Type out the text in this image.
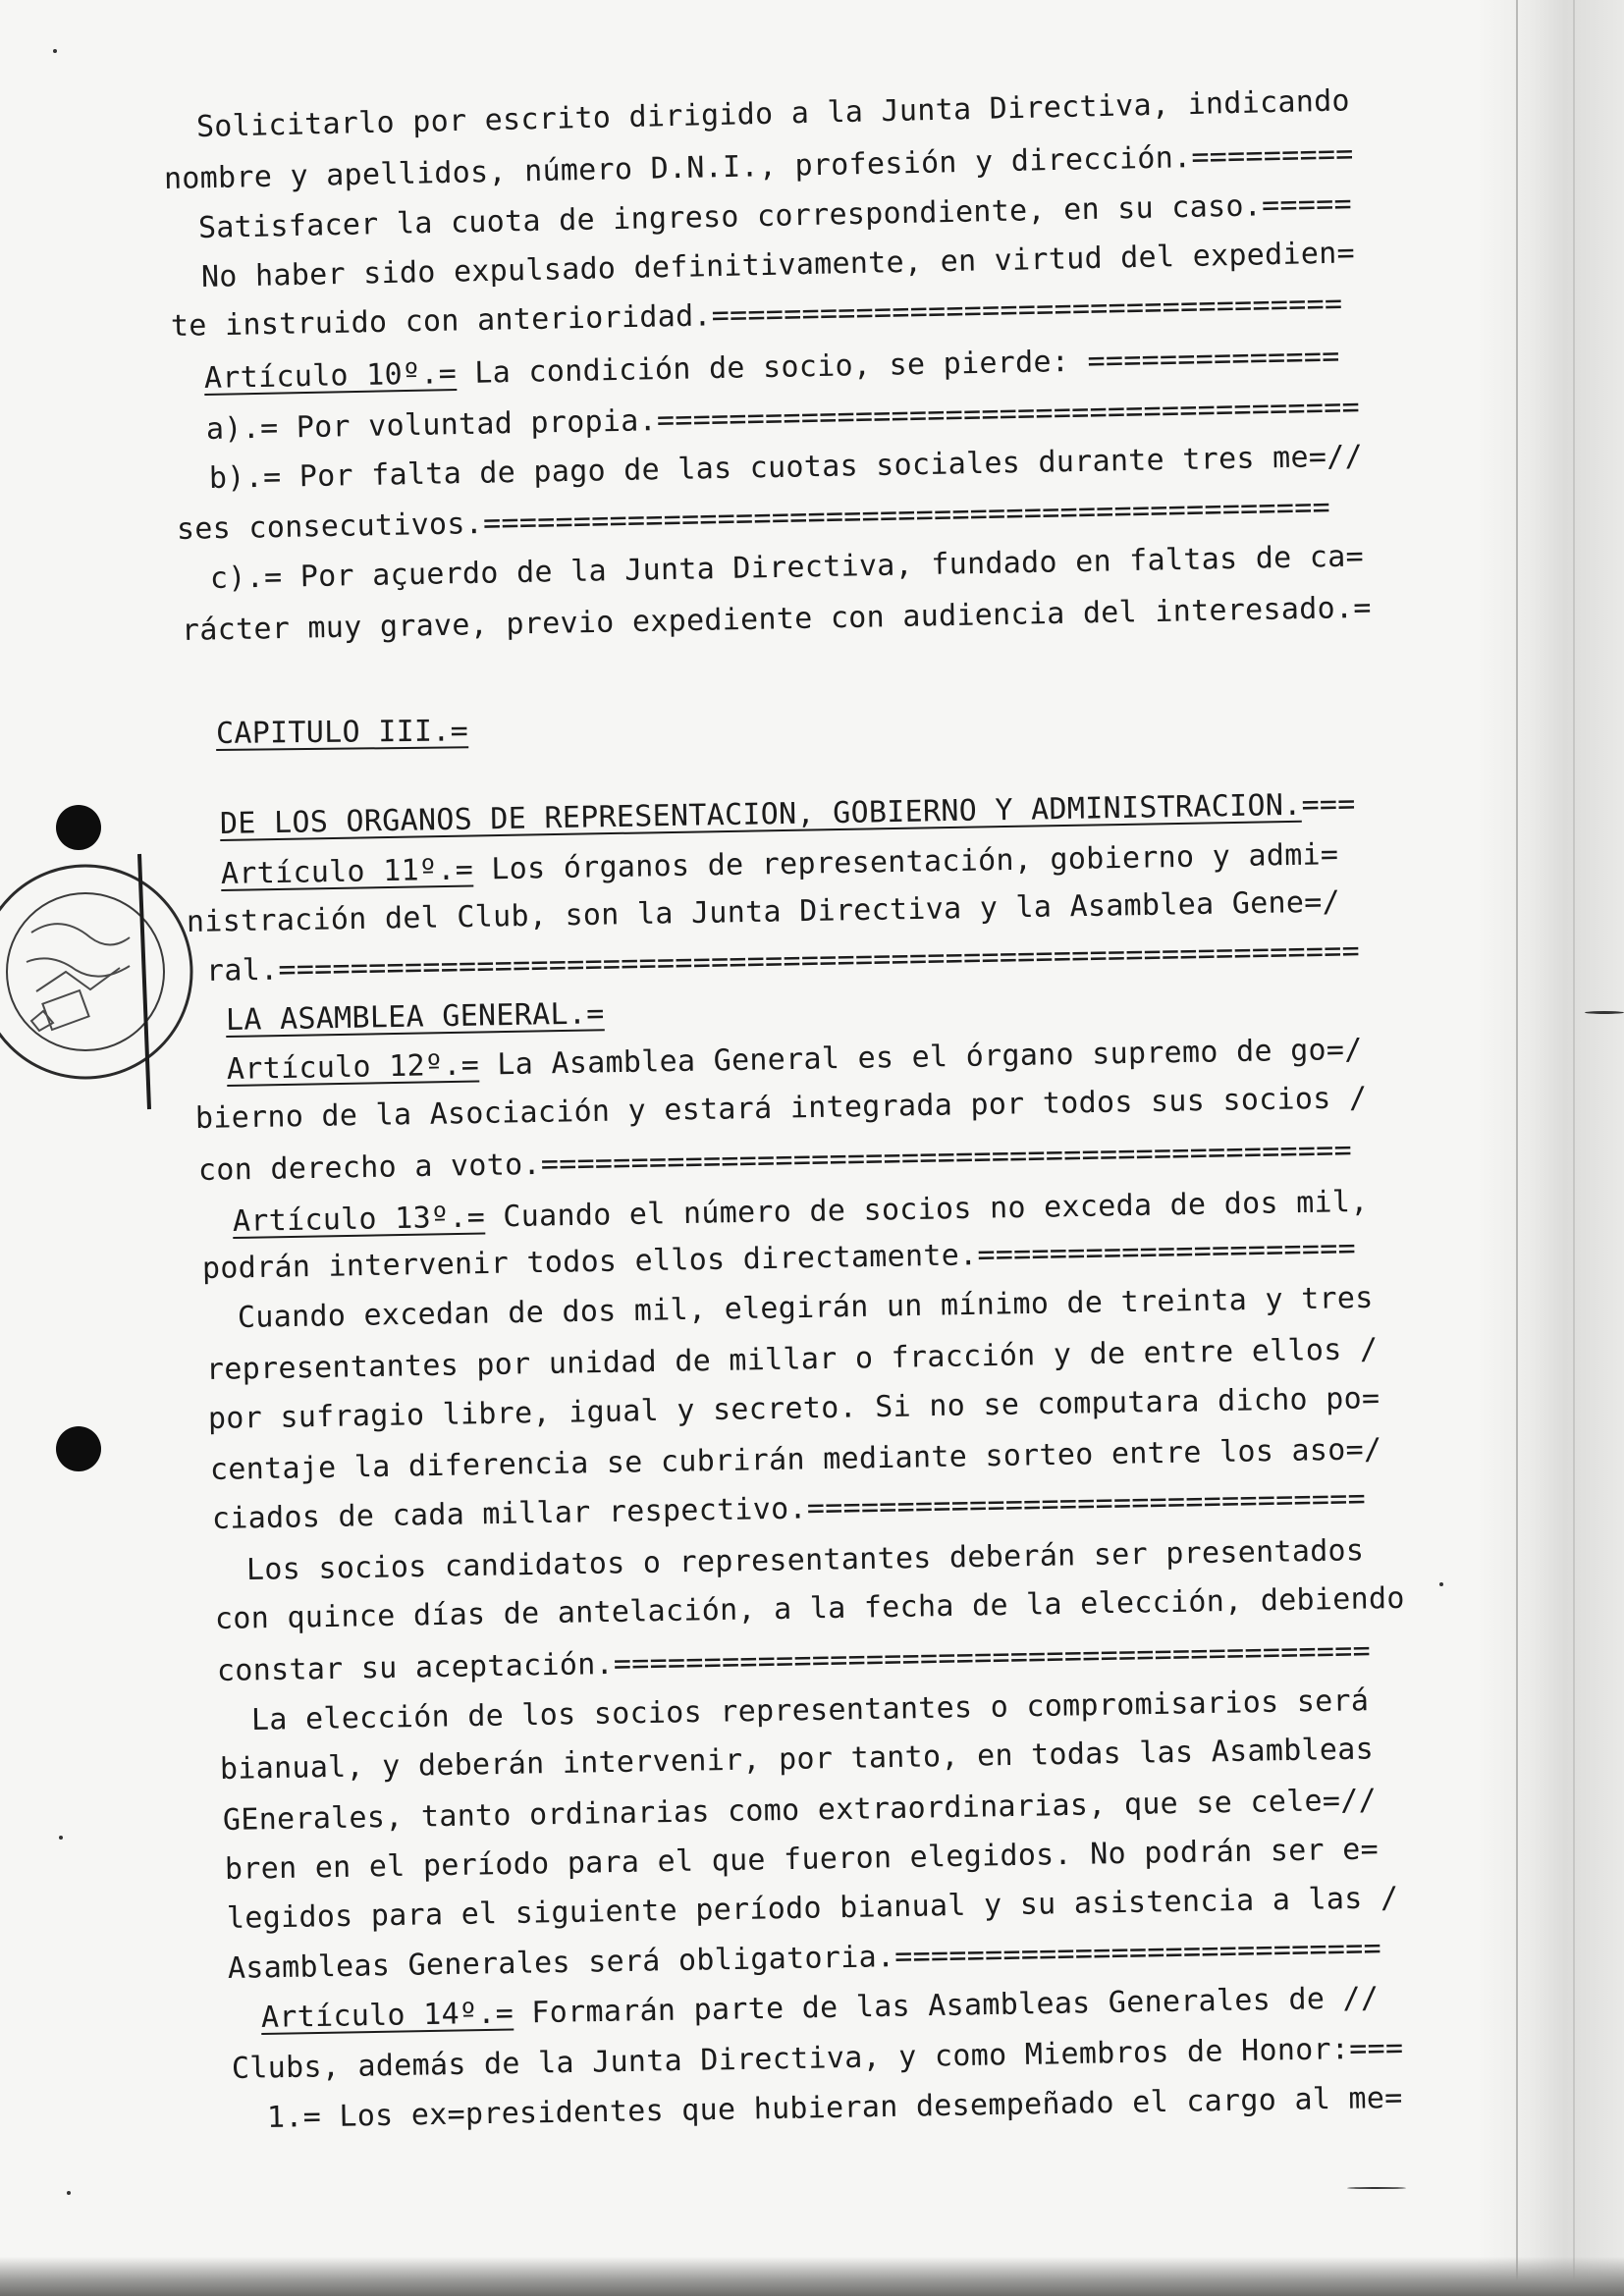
Solicitarlo por escrito dirigido a la Junta Directiva, indicando
nombre y apellidos, número D.N.I., profesión y dirección.=========
Satisfacer la cuota de ingreso correspondiente, en su caso.=====
No haber sido expulsado definitivamente, en virtud del expedien=
te instruido con anterioridad.===================================
Artículo 10º.= La condición de socio, se pierde: ==============
a).= Por voluntad propia.=======================================
b).= Por falta de pago de las cuotas sociales durante tres me=//
ses consecutivos.===============================================
c).= Por açuerdo de la Junta Directiva, fundado en faltas de ca=
rácter muy grave, previo expediente con audiencia del interesado.=
CAPITULO III.=
DE LOS ORGANOS DE REPRESENTACION, GOBIERNO Y ADMINISTRACION.===
Artículo 11º.= Los órganos de representación, gobierno y admi=
nistración del Club, son la Junta Directiva y la Asamblea Gene=/
ral.============================================================
LA ASAMBLEA GENERAL.=
Artículo 12º.= La Asamblea General es el órgano supremo de go=/
bierno de la Asociación y estará integrada por todos sus socios /
con derecho a voto.=============================================
Artículo 13º.= Cuando el número de socios no exceda de dos mil,
podrán intervenir todos ellos directamente.=====================
Cuando excedan de dos mil, elegirán un mínimo de treinta y tres
representantes por unidad de millar o fracción y de entre ellos /
por sufragio libre, igual y secreto. Si no se computara dicho po=
centaje la diferencia se cubrirán mediante sorteo entre los aso=/
ciados de cada millar respectivo.===============================
Los socios candidatos o representantes deberán ser presentados
con quince días de antelación, a la fecha de la elección, debiendo
constar su aceptación.==========================================
La elección de los socios representantes o compromisarios será
bianual, y deberán intervenir, por tanto, en todas las Asambleas
GEnerales, tanto ordinarias como extraordinarias, que se cele=//
bren en el período para el que fueron elegidos. No podrán ser e=
legidos para el siguiente período bianual y su asistencia a las /
Asambleas Generales será obligatoria.===========================
Artículo 14º.= Formarán parte de las Asambleas Generales de //
Clubs, además de la Junta Directiva, y como Miembros de Honor:===
1.= Los ex=presidentes que hubieran desempeñado el cargo al me=
